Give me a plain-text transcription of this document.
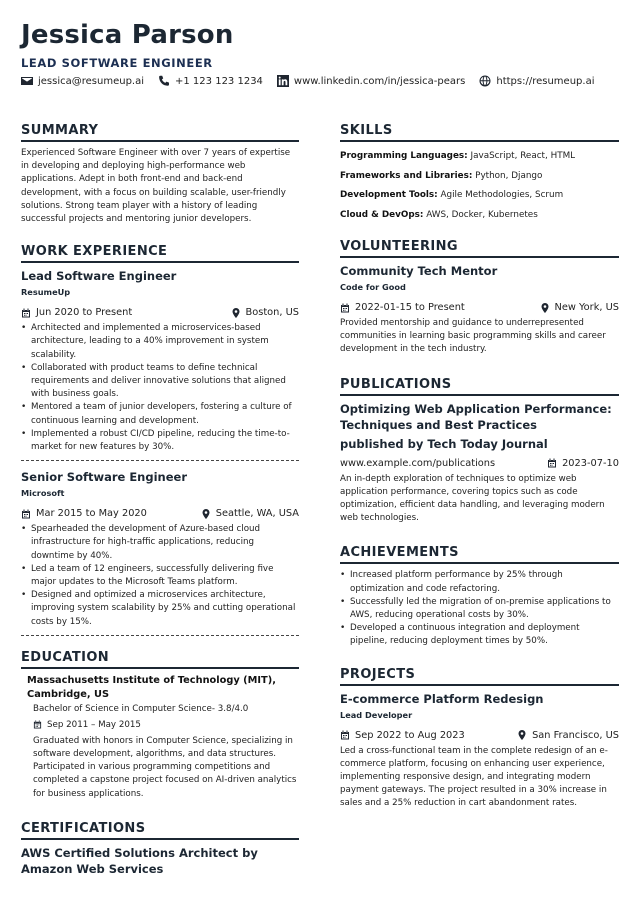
Jessica Parson
LEAD SOFTWARE ENGINEER
jessica@resumeup.ai	+1 123 123 1234	www.linkedin.com/in/jessica-pears	https://resumeup.ai
SUMMARY
Experienced Software Engineer with over 7 years of expertise in developing and deploying high-performance web applications. Adept in both front-end and back-end development, with a focus on building scalable, user-friendly solutions. Strong team player with a history of leading successful projects and mentoring junior developers.
WORK EXPERIENCE
Lead Software Engineer
ResumeUp
Jun 2020 to Present	Boston, US
• Architected and implemented a microservices-based architecture, leading to a 40% improvement in system scalability.
• Collaborated with product teams to define technical requirements and deliver innovative solutions that aligned with business goals.
• Mentored a team of junior developers, fostering a culture of continuous learning and development.
• Implemented a robust CI/CD pipeline, reducing the time-to-market for new features by 30%.
Senior Software Engineer
Microsoft
Mar 2015 to May 2020	Seattle, WA, USA
• Spearheaded the development of Azure-based cloud infrastructure for high-traffic applications, reducing downtime by 40%.
• Led a team of 12 engineers, successfully delivering five major updates to the Microsoft Teams platform.
• Designed and optimized a microservices architecture, improving system scalability by 25% and cutting operational costs by 15%.
EDUCATION
Massachusetts Institute of Technology (MIT), Cambridge, US
Bachelor of Science in Computer Science- 3.8/4.0
Sep 2011 – May 2015
Graduated with honors in Computer Science, specializing in software development, algorithms, and data structures. Participated in various programming competitions and completed a capstone project focused on AI-driven analytics for business applications.
CERTIFICATIONS
AWS Certified Solutions Architect by Amazon Web Services
SKILLS
Programming Languages: JavaScript, React, HTML
Frameworks and Libraries: Python, Django
Development Tools: Agile Methodologies, Scrum
Cloud & DevOps: AWS, Docker, Kubernetes
VOLUNTEERING
Community Tech Mentor
Code for Good
2022-01-15 to Present	New York, US
Provided mentorship and guidance to underrepresented communities in learning basic programming skills and career development in the tech industry.
PUBLICATIONS
Optimizing Web Application Performance: Techniques and Best Practices
published by Tech Today Journal
www.example.com/publications	2023-07-10
An in-depth exploration of techniques to optimize web application performance, covering topics such as code optimization, efficient data handling, and leveraging modern web technologies.
ACHIEVEMENTS
• Increased platform performance by 25% through optimization and code refactoring.
• Successfully led the migration of on-premise applications to AWS, reducing operational costs by 30%.
• Developed a continuous integration and deployment pipeline, reducing deployment times by 50%.
PROJECTS
E-commerce Platform Redesign
Lead Developer
Sep 2022 to Aug 2023	San Francisco, US
Led a cross-functional team in the complete redesign of an e-commerce platform, focusing on enhancing user experience, implementing responsive design, and integrating modern payment gateways. The project resulted in a 30% increase in sales and a 25% reduction in cart abandonment rates.
